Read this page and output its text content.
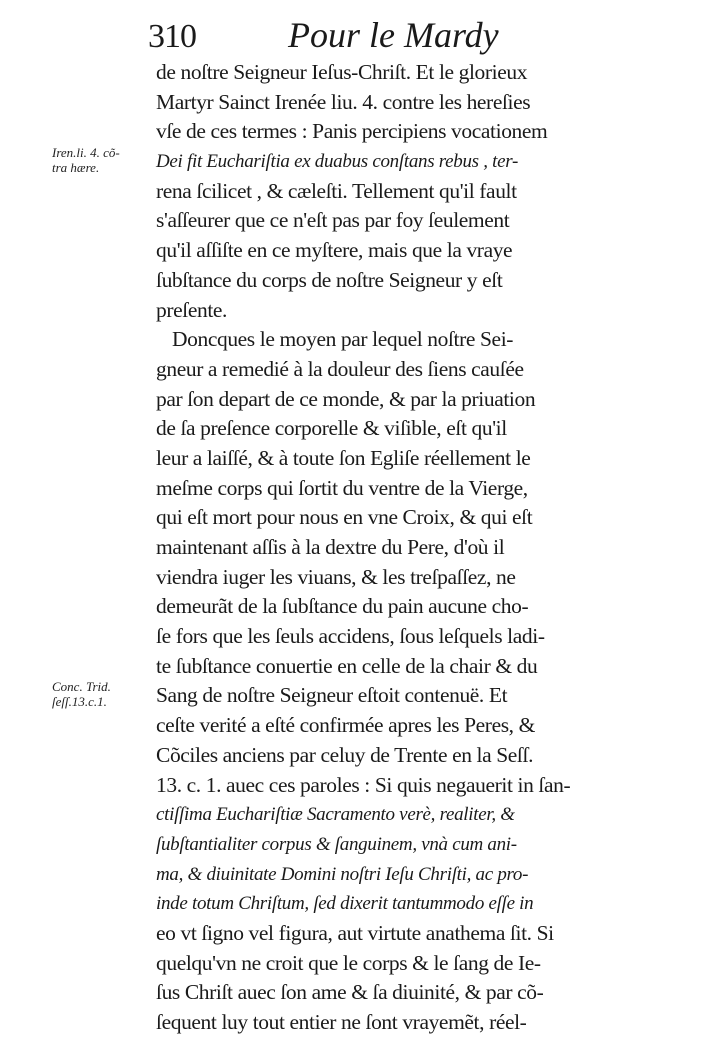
310	Pour le Mardy
Iren.li. 4. cõ-
tra hære.
Conc. Trid.
ſeſſ.13.c.1.
de noſtre Seigneur Ieſus-Chriſt. Et le glorieux
Martyr Sainct Irenée liu. 4. contre les hereſies
vſe de ces termes : Panis percipiens vocationem
Dei fit Euchariſtia ex duabus conſtans rebus , ter-
rena ſcilicet , & cæleſti. Tellement qu'il fault
s'aſſeurer que ce n'eſt pas par foy ſeulement
qu'il aſſiſte en ce myſtere, mais que la vraye
ſubſtance du corps de noſtre Seigneur y eſt
preſente.
Doncques le moyen par lequel noſtre Sei-
gneur a remedié à la douleur des ſiens cauſée
par ſon depart de ce monde, & par la priuation
de ſa preſence corporelle & viſible, eſt qu'il
leur a laiſſé, & à toute ſon Egliſe réellement le
meſme corps qui ſortit du ventre de la Vierge,
qui eſt mort pour nous en vne Croix, & qui eſt
maintenant aſſis à la dextre du Pere, d'où il
viendra iuger les viuans, & les treſpaſſez, ne
demeurãt de la ſubſtance du pain aucune cho-
ſe fors que les ſeuls accidens, ſous leſquels ladi-
te ſubſtance conuertie en celle de la chair & du
Sang de noſtre Seigneur eſtoit contenuë. Et
ceſte verité a eſté confirmée apres les Peres, &
Cõciles anciens par celuy de Trente en la Seſſ.
13. c. 1. auec ces paroles : Si quis negauerit in ſan-
ctiſſima Euchariſtiæ Sacramento verè, realiter, &
ſubſtantialiter corpus & ſanguinem, vnà cum ani-
ma, & diuinitate Domini noſtri Ieſu Chriſti, ac pro-
inde totum Chriſtum, ſed dixerit tantummodo eſſe in
eo vt ſigno vel figura, aut virtute anathema ſit. Si
quelqu'vn ne croit que le corps & le ſang de Ie-
ſus Chriſt auec ſon ame & ſa diuinité, & par cõ-
ſequent luy tout entier ne ſont vrayemẽt, réel-
